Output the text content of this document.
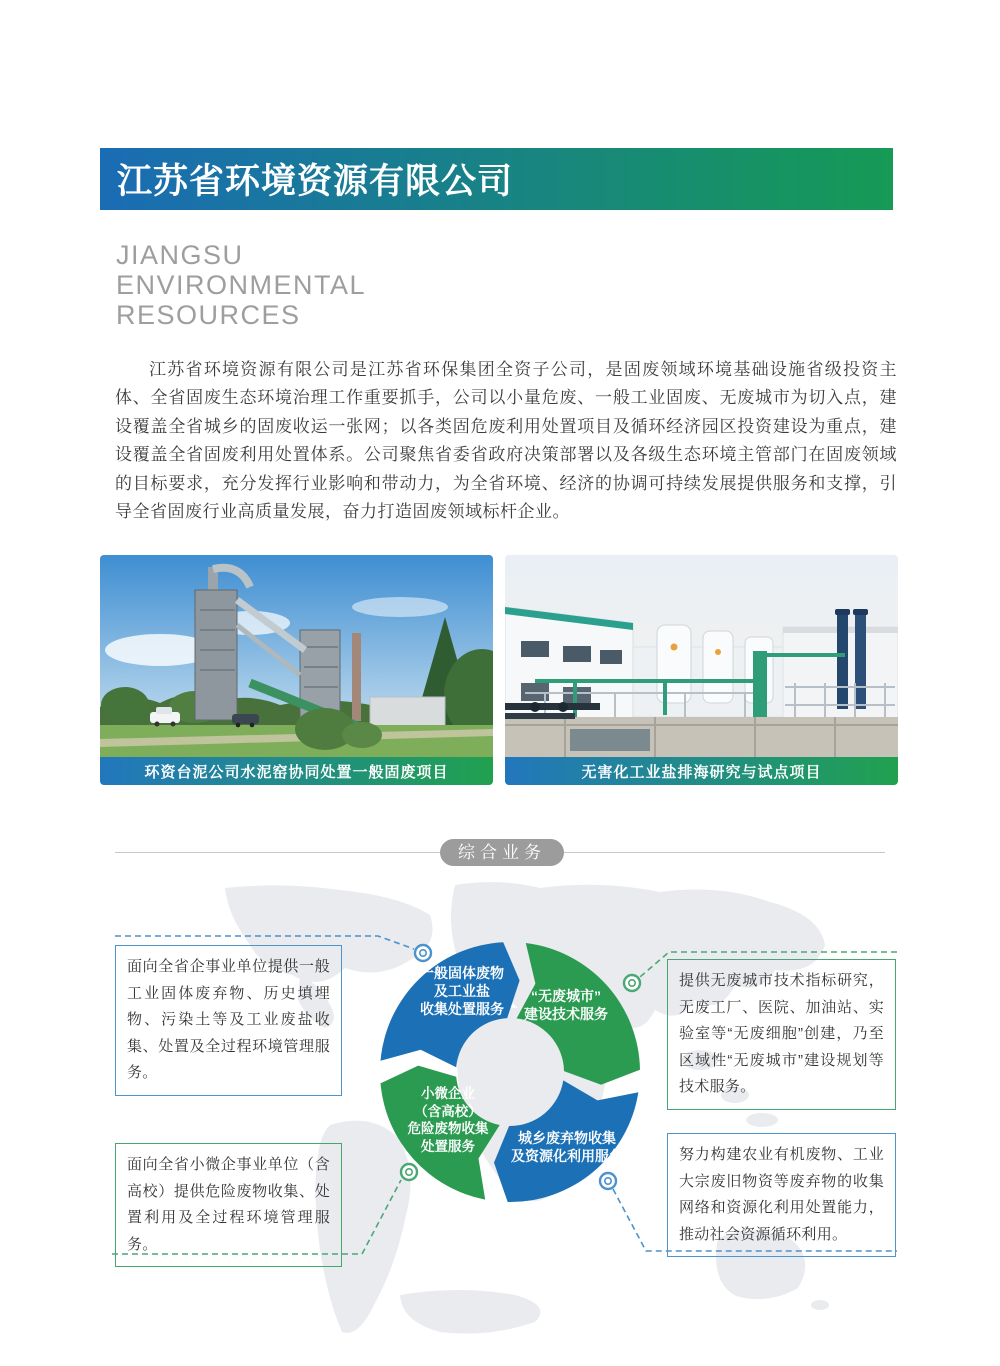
江苏省环境资源有限公司
JIANGSU
ENVIRONMENTAL
RESOURCES
江苏省环境资源有限公司是江苏省环保集团全资子公司，是固废领域环境基础设施省级投资主体、全省固废生态环境治理工作重要抓手，公司以小量危废、一般工业固废、无废城市为切入点，建设覆盖全省城乡的固废收运一张网；以各类固危废利用处置项目及循环经济园区投资建设为重点，建设覆盖全省固废利用处置体系。公司聚焦省委省政府决策部署以及各级生态环境主管部门在固废领域的目标要求，充分发挥行业影响和带动力，为全省环境、经济的协调可持续发展提供服务和支撑，引导全省固废行业高质量发展，奋力打造固废领域标杆企业。
环资台泥公司水泥窑协同处置一般固废项目	无害化工业盐排海研究与试点项目
综合业务
一般固体废物
及工业盐
收集处置服务
“无废城市”
建设技术服务
城乡废弃物收集
及资源化利用服务
小微企业
（含高校）
危险废物收集
处置服务
面向全省企事业单位提供一般工业固体废弃物、历史填埋物、污染土等及工业废盐收集、处置及全过程环境管理服务。
提供无废城市技术指标研究，无废工厂、医院、加油站、实验室等“无废细胞”创建，乃至区域性“无废城市”建设规划等技术服务。
面向全省小微企事业单位（含高校）提供危险废物收集、处置利用及全过程环境管理服务。
努力构建农业有机废物、工业大宗废旧物资等废弃物的收集网络和资源化利用处置能力，推动社会资源循环利用。
